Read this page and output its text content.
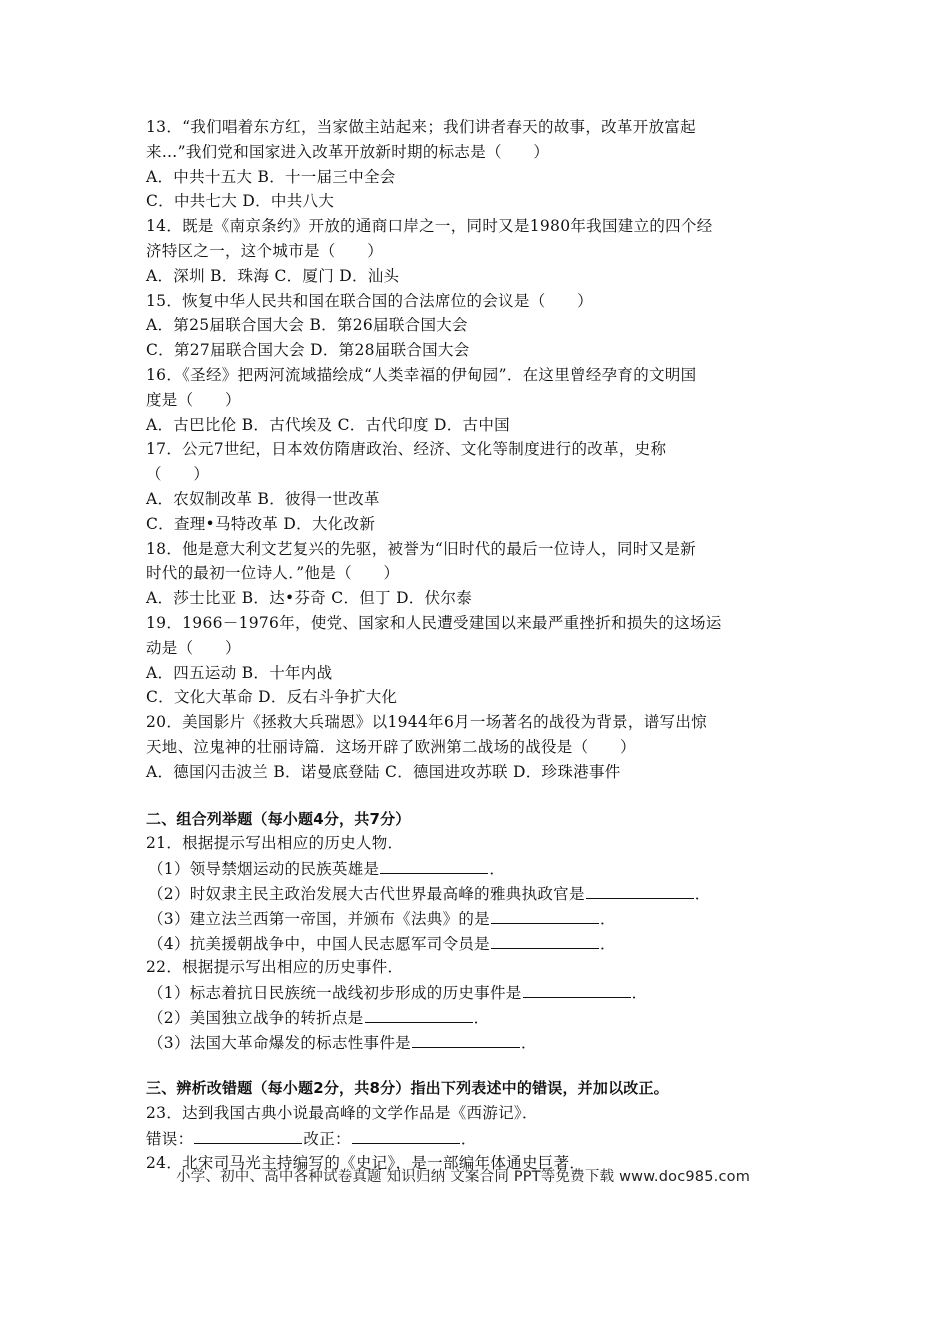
13．“我们唱着东方红，当家做主站起来；我们讲者春天的故事，改革开放富起
来…”我们党和国家进入改革开放新时期的标志是（　　）
A．中共十五大 B．十一届三中全会
C．中共七大 D．中共八大
14．既是《南京条约》开放的通商口岸之一，同时又是1980年我国建立的四个经
济特区之一，这个城市是（　　）
A．深圳 B．珠海 C．厦门 D．汕头
15．恢复中华人民共和国在联合国的合法席位的会议是（　　）
A．第25届联合国大会 B．第26届联合国大会
C．第27届联合国大会 D．第28届联合国大会
16．《圣经》把两河流域描绘成“人类幸福的伊甸园”．在这里曾经孕育的文明国
度是（　　）
A．古巴比伦 B．古代埃及 C．古代印度 D．古中国
17．公元7世纪，日本效仿隋唐政治、经济、文化等制度进行的改革，史称
（　　）
A．农奴制改革 B．彼得一世改革
C．查理•马特改革 D．大化改新
18．他是意大利文艺复兴的先驱，被誉为“旧时代的最后一位诗人，同时又是新
时代的最初一位诗人．”他是（　　）
A．莎士比亚 B．达•芬奇 C．但丁 D．伏尔泰
19．1966－1976年，使党、国家和人民遭受建国以来最严重挫折和损失的这场运
动是（　　）
A．四五运动 B．十年内战
C．文化大革命 D．反右斗争扩大化
20．美国影片《拯救大兵瑞恩》以1944年6月一场著名的战役为背景，谱写出惊
天地、泣鬼神的壮丽诗篇．这场开辟了欧洲第二战场的战役是（　　）
A．德国闪击波兰 B．诺曼底登陆 C．德国进攻苏联 D．珍珠港事件
二、组合列举题（每小题4分，共7分）
21．根据提示写出相应的历史人物．
（1）领导禁烟运动的民族英雄是	．
（2）时奴隶主民主政治发展大古代世界最高峰的雅典执政官是	．
（3）建立法兰西第一帝国，并颁布《法典》的是	．
（4）抗美援朝战争中，中国人民志愿军司令员是	．
22．根据提示写出相应的历史事件．
（1）标志着抗日民族统一战线初步形成的历史事件是	．
（2）美国独立战争的转折点是	．
（3）法国大革命爆发的标志性事件是	．
三、辨析改错题（每小题2分，共8分）指出下列表述中的错误，并加以改正。
23．达到我国古典小说最高峰的文学作品是《西游记》．
错误：	改正：	．
24．北宋司马光主持编写的《史记》，是一部编年体通史巨著．
小学、初中、高中各种试卷真题 知识归纳 文案合同 PPT等免费下载 www.doc985.com
